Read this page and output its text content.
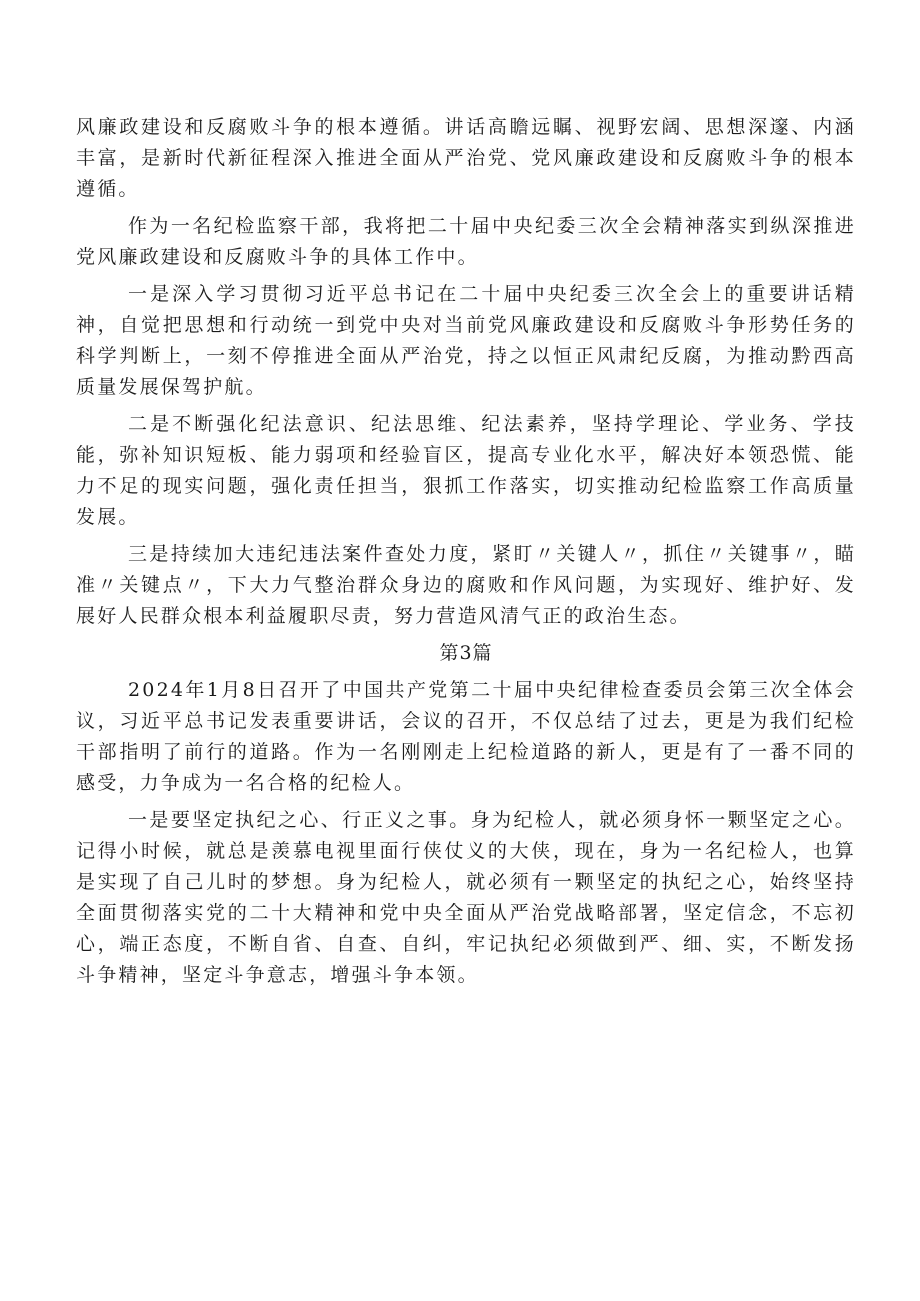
风廉政建设和反腐败斗争的根本遵循。讲话高瞻远瞩、视野宏阔、思想深邃、内涵丰富，是新时代新征程深入推进全面从严治党、党风廉政建设和反腐败斗争的根本遵循。

作为一名纪检监察干部，我将把二十届中央纪委三次全会精神落实到纵深推进党风廉政建设和反腐败斗争的具体工作中。

一是深入学习贯彻习近平总书记在二十届中央纪委三次全会上的重要讲话精神，自觉把思想和行动统一到党中央对当前党风廉政建设和反腐败斗争形势任务的科学判断上，一刻不停推进全面从严治党，持之以恒正风肃纪反腐，为推动黔西高质量发展保驾护航。

二是不断强化纪法意识、纪法思维、纪法素养，坚持学理论、学业务、学技能，弥补知识短板、能力弱项和经验盲区，提高专业化水平，解决好本领恐慌、能力不足的现实问题，强化责任担当，狠抓工作落实，切实推动纪检监察工作高质量发展。

三是持续加大违纪违法案件查处力度，紧盯〃关键人〃，抓住〃关键事〃，瞄准〃关键点〃，下大力气整治群众身边的腐败和作风问题，为实现好、维护好、发展好人民群众根本利益履职尽责，努力营造风清气正的政治生态。

第3篇

2024年1月8日召开了中国共产党第二十届中央纪律检查委员会第三次全体会议，习近平总书记发表重要讲话，会议的召开，不仅总结了过去，更是为我们纪检干部指明了前行的道路。作为一名刚刚走上纪检道路的新人，更是有了一番不同的感受，力争成为一名合格的纪检人。

一是要坚定执纪之心、行正义之事。身为纪检人，就必须身怀一颗坚定之心。记得小时候，就总是羡慕电视里面行侠仗义的大侠，现在，身为一名纪检人，也算是实现了自己儿时的梦想。身为纪检人，就必须有一颗坚定的执纪之心，始终坚持全面贯彻落实党的二十大精神和党中央全面从严治党战略部署，坚定信念，不忘初心，端正态度，不断自省、自查、自纠，牢记执纪必须做到严、细、实，不断发扬斗争精神，坚定斗争意志，增强斗争本领。
